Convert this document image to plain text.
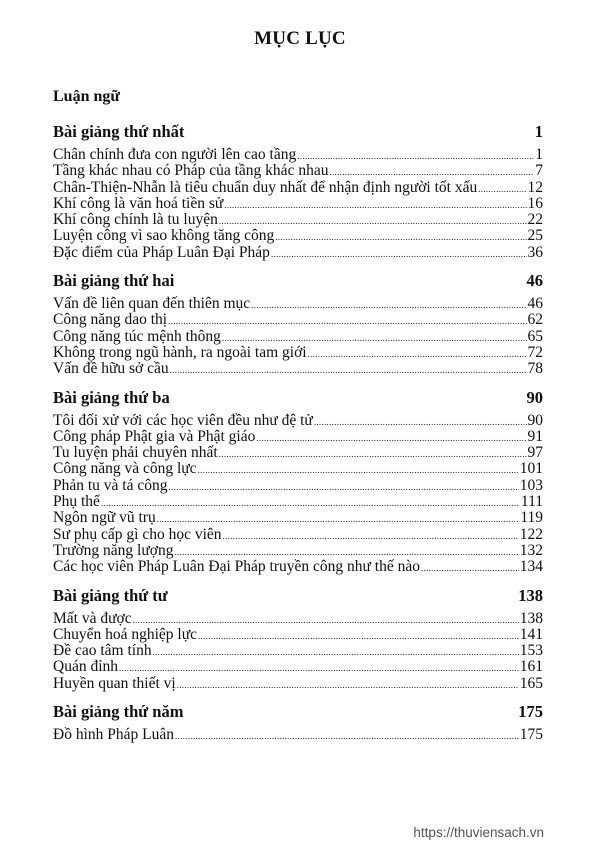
MỤC LỤC
Luận ngữ
Bài giảng thứ nhất	1
Chân chính đưa con người lên cao tầng .....	1
Tầng khác nhau có Pháp của tầng khác nhau .....	7
Chân-Thiện-Nhẫn là tiêu chuẩn duy nhất để nhận định người tốt xấu .....	12
Khí công là văn hoá tiền sử .....	16
Khí công chính là tu luyện .....	22
Luyện công vì sao không tăng công .....	25
Đặc điểm của Pháp Luân Đại Pháp .....	36
Bài giảng thứ hai	46
Vấn đề liên quan đến thiên mục .....	46
Công năng dao thị .....	62
Công năng túc mệnh thông .....	65
Không trong ngũ hành, ra ngoài tam giới .....	72
Vấn đề hữu sở cầu .....	78
Bài giảng thứ ba	90
Tôi đối xử với các học viên đều như đệ tử .....	90
Công pháp Phật gia và Phật giáo .....	91
Tu luyện phải chuyên nhất .....	97
Công năng và công lực .....	101
Phản tu và tá công .....	103
Phụ thể .....	111
Ngôn ngữ vũ trụ .....	119
Sư phụ cấp gì cho học viên .....	122
Trường năng lượng .....	132
Các học viên Pháp Luân Đại Pháp truyền công như thế nào .....	134
Bài giảng thứ tư	138
Mất và được .....	138
Chuyển hoá nghiệp lực .....	141
Đề cao tâm tính .....	153
Quán đỉnh .....	161
Huyền quan thiết vị .....	165
Bài giảng thứ năm	175
Đồ hình Pháp Luân .....	175
https://thuviensach.vn
